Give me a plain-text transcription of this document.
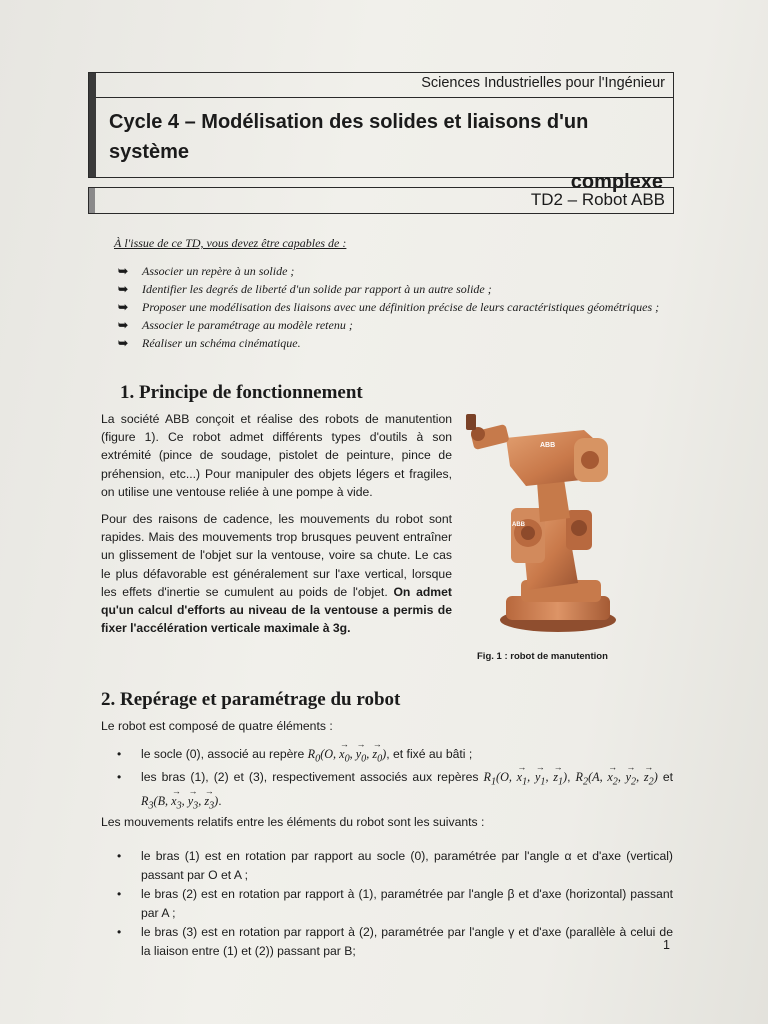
Sciences Industrielles pour l'Ingénieur
Cycle 4 – Modélisation des solides et liaisons d'un système
complexe
TD2 – Robot ABB
À l'issue de ce TD, vous devez être capables de :
➥ Associer un repère à un solide ;
➥ Identifier les degrés de liberté d'un solide par rapport à un autre solide ;
➥ Proposer une modélisation des liaisons avec une définition précise de leurs caractéristiques géométriques ;
➥ Associer le paramétrage au modèle retenu ;
➥ Réaliser un schéma cinématique.
1. Principe de fonctionnement
La société ABB conçoit et réalise des robots de manutention (figure 1). Ce robot admet différents types d'outils à son extrémité (pince de soudage, pistolet de peinture, pince de préhension, etc...) Pour manipuler des objets légers et fragiles, on utilise une ventouse reliée à une pompe à vide.
Pour des raisons de cadence, les mouvements du robot sont rapides. Mais des mouvements trop brusques peuvent entraîner un glissement de l'objet sur la ventouse, voire sa chute. Le cas le plus défavorable est généralement sur l'axe vertical, lorsque les effets d'inertie se cumulent au poids de l'objet. On admet qu'un calcul d'efforts au niveau de la ventouse a permis de fixer l'accélération verticale maximale à 3g.
ABB
ABB
Fig. 1 : robot de manutention
2. Repérage et paramétrage du robot
Le robot est composé de quatre éléments :
• le socle (0), associé au repère $R_0(O$, → $x_0$, → $y_0$, → $z_0$), et fixé au bâti ;
• les bras (1), (2) et (3), respectivement associés aux repères $R_1(O$, → $x_1$, → $y_1$, → $z_1$), $R_2(A$, → $x_2$, → $y_2$, → $z_2$) et $R_3(B$, → $x_3$, → $y_3$, → $z_3$).
Les mouvements relatifs entre les éléments du robot sont les suivants :
• le bras (1) est en rotation par rapport au socle (0), paramétrée par l'angle α et d'axe (vertical) passant par O et A ;
• le bras (2) est en rotation par rapport à (1), paramétrée par l'angle β et d'axe (horizontal) passant par A ;
• le bras (3) est en rotation par rapport à (2), paramétrée par l'angle γ et d'axe (parallèle à celui de la liaison entre (1) et (2)) passant par B;	1
